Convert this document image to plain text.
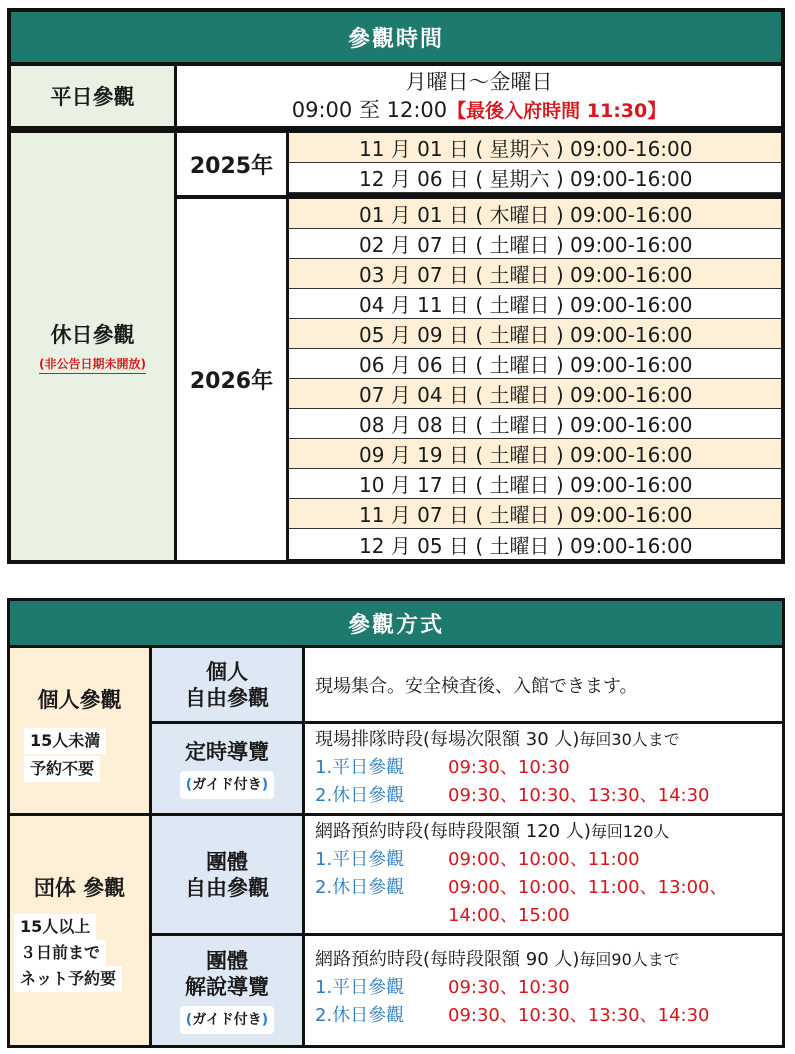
參觀時間
平日參觀
月曜日～金曜日
09:00 至 12:00【最後入府時間 11:30】
休日參觀
(非公告日期未開放)
2025年
11 月 01 日 ( 星期六 ) 09:00-16:00
12 月 06 日 ( 星期六 ) 09:00-16:00
2026年
01 月 01 日 ( 木曜日 ) 09:00-16:00
02 月 07 日 ( 土曜日 ) 09:00-16:00
03 月 07 日 ( 土曜日 ) 09:00-16:00
04 月 11 日 ( 土曜日 ) 09:00-16:00
05 月 09 日 ( 土曜日 ) 09:00-16:00
06 月 06 日 ( 土曜日 ) 09:00-16:00
07 月 04 日 ( 土曜日 ) 09:00-16:00
08 月 08 日 ( 土曜日 ) 09:00-16:00
09 月 19 日 ( 土曜日 ) 09:00-16:00
10 月 17 日 ( 土曜日 ) 09:00-16:00
11 月 07 日 ( 土曜日 ) 09:00-16:00
12 月 05 日 ( 土曜日 ) 09:00-16:00
參觀方式
個人參觀
15人未満
予約不要
団体 參觀
15人以上
３日前まで
ネット予約要
個人
自由參觀	現場集合。安全検査後、入館できます。
定時導覽
(ガイド付き)
現場排隊時段(每場次限額 30 人)毎回30人まで
1.平日參觀 09:30、10:30
2.休日參觀 09:30、10:30、13:30、14:30
團體
自由參觀
網路預約時段(每時段限額 120 人)毎回120人
1.平日參觀 09:00、10:00、11:00
2.休日參觀 09:00、10:00、11:00、13:00、
14:00、15:00
團體
解說導覽
(ガイド付き)
網路預約時段(每時段限額 90 人)毎回90人まで
1.平日參觀 09:30、10:30
2.休日參觀 09:30、10:30、13:30、14:30
